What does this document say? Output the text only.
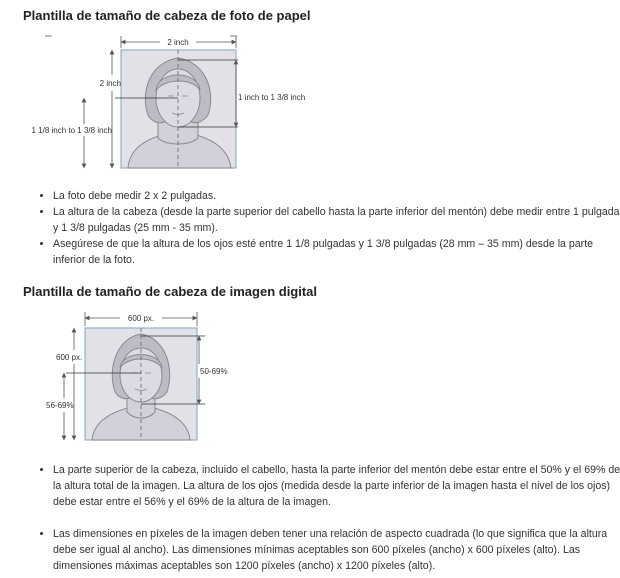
Plantilla de tamaño de cabeza de foto de papel
2 inch
2 inch
1 1/8 inch to 1 3/8 inch
1 inch to 1 3/8 inch
600 px.
600 px.
56-69%
50-69%
• La foto debe medir 2 x 2 pulgadas.
• La altura de la cabeza (desde la parte superior del cabello hasta la parte inferior del mentón) debe medir entre 1 pulgada y 1 3/8 pulgadas (25 mm - 35 mm).
• Asegúrese de que la altura de los ojos esté entre 1 1/8 pulgadas y 1 3/8 pulgadas (28 mm – 35 mm) desde la parte inferior de la foto.
Plantilla de tamaño de cabeza de imagen digital
• La parte superior de la cabeza, incluido el cabello, hasta la parte inferior del mentón debe estar entre el 50% y el 69% de la altura total de la imagen. La altura de los ojos (medida desde la parte inferior de la imagen hasta el nivel de los ojos) debe estar entre el 56% y el 69% de la altura de la imagen.
• Las dimensiones en píxeles de la imagen deben tener una relación de aspecto cuadrada (lo que significa que la altura debe ser igual al ancho). Las dimensiones mínimas aceptables son 600 píxeles (ancho) x 600 píxeles (alto). Las dimensiones máximas aceptables son 1200 píxeles (ancho) x 1200 píxeles (alto).
